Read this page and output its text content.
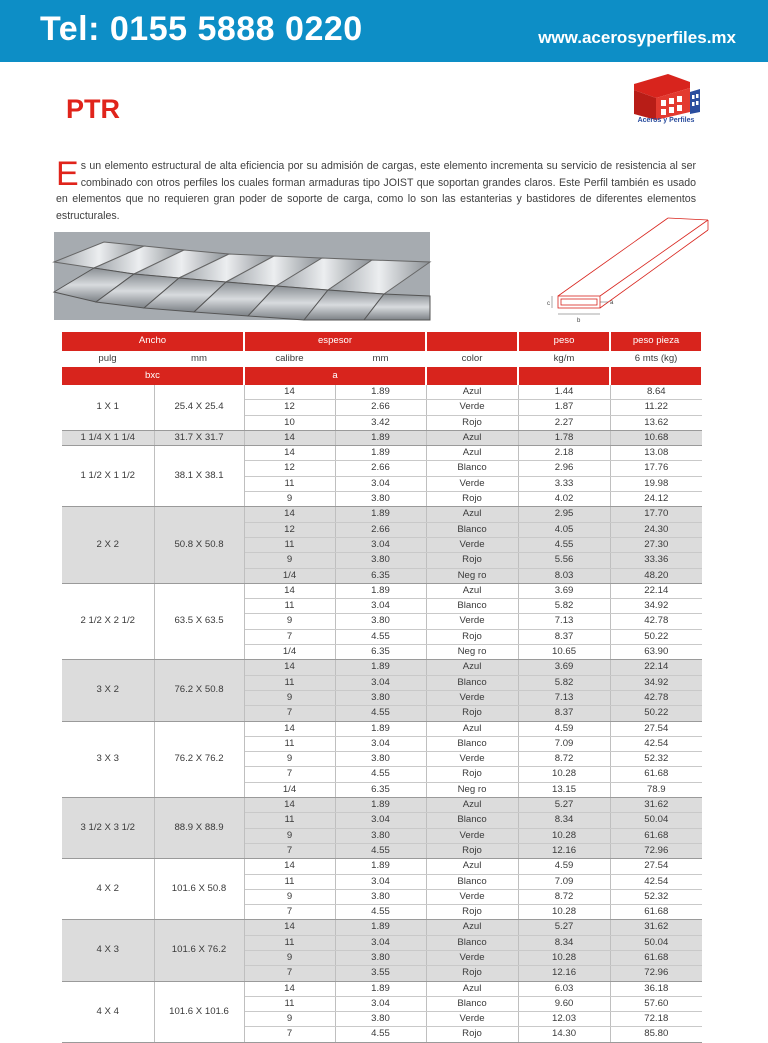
Tel: 0155 5888 0220	www.acerosyperfiles.mx
PTR	Aceros y Perfiles
Es un elemento estructural de alta eficiencia por su admisión de cargas, este elemento incrementa su servicio de resistencia al ser combinado con otros perfiles los cuales forman armaduras tipo JOIST que soportan grandes claros. Este Perfil también es usado en elementos que no requieren gran poder de soporte de carga, como lo son las estanterias y bastidores de diferentes elementos estructurales.
c
b
a
Ancho		espesor			peso	peso pieza
pulg	mm	calibre	mm	color	kg/m	6 mts (kg)
bxc		a				
1 X 1	25.4 X 25.4	14	1.89	Azul	1.44	8.64
		12	2.66	Verde	1.87	11.22
		10	3.42	Rojo	2.27	13.62
1 1/4 X 1 1/4	31.7 X 31.7	14	1.89	Azul	1.78	10.68
1 1/2 X 1 1/2	38.1 X 38.1	14	1.89	Azul	2.18	13.08
		12	2.66	Blanco	2.96	17.76
		11	3.04	Verde	3.33	19.98
		9	3.80	Rojo	4.02	24.12
2 X 2	50.8 X 50.8	14	1.89	Azul	2.95	17.70
		12	2.66	Blanco	4.05	24.30
		11	3.04	Verde	4.55	27.30
		9	3.80	Rojo	5.56	33.36
		1/4	6.35	Neg ro	8.03	48.20
2 1/2 X 2 1/2	63.5 X 63.5	14	1.89	Azul	3.69	22.14
		11	3.04	Blanco	5.82	34.92
		9	3.80	Verde	7.13	42.78
		7	4.55	Rojo	8.37	50.22
		1/4	6.35	Neg ro	10.65	63.90
3 X 2	76.2 X 50.8	14	1.89	Azul	3.69	22.14
		11	3.04	Blanco	5.82	34.92
		9	3.80	Verde	7.13	42.78
		7	4.55	Rojo	8.37	50.22
3 X 3	76.2 X 76.2	14	1.89	Azul	4.59	27.54
		11	3.04	Blanco	7.09	42.54
		9	3.80	Verde	8.72	52.32
		7	4.55	Rojo	10.28	61.68
		1/4	6.35	Neg ro	13.15	78.9
3 1/2 X 3 1/2	88.9 X 88.9	14	1.89	Azul	5.27	31.62
		11	3.04	Blanco	8.34	50.04
		9	3.80	Verde	10.28	61.68
		7	4.55	Rojo	12.16	72.96
4 X 2	101.6 X 50.8	14	1.89	Azul	4.59	27.54
		11	3.04	Blanco	7.09	42.54
		9	3.80	Verde	8.72	52.32
		7	4.55	Rojo	10.28	61.68
4 X 3	101.6 X 76.2	14	1.89	Azul	5.27	31.62
		11	3.04	Blanco	8.34	50.04
		9	3.80	Verde	10.28	61.68
		7	3.55	Rojo	12.16	72.96
4 X 4	101.6 X 101.6	14	1.89	Azul	6.03	36.18
		11	3.04	Blanco	9.60	57.60
		9	3.80	Verde	12.03	72.18
		7	4.55	Rojo	14.30	85.80
